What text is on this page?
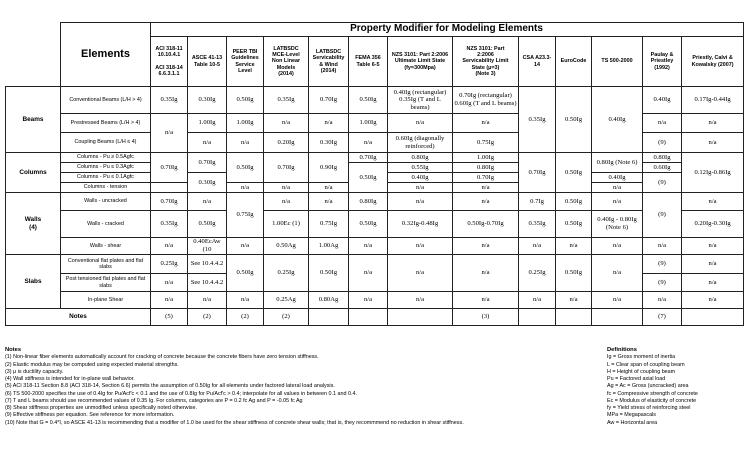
Property Modifier for Modeling Elements
	Elements													
		ACI 318-11
10.10.4.1

ACI 318-14
6.6.3.1.1	ASCE 41-13
Table 10-5	PEER TBI
Guidelines
Service
Level	LATBSDC
MCE-Level
Non Linear
Models
(2014)	LATBSDC
Servicability
& Wind
(2014)	FEMA 356
Table 6-5	NZS 3101: Part 2:2006
Ultimate Limit State
(fy=300Mpa)	NZS 3101: Part
2:2006
Servicability Limit
State (μ=3)
(Note 3)	CSA A23.3-14	EuroCode	TS 500-2000	Paulay &
Priestley
(1992)	Priestly, Calvi &
Kowalsky (2007)
Beams	Conventional Beams (L/H > 4)	0.35Ig	0.30Ig	0.50Ig	0.35Ig	0.70Ig	0.50Ig	0.40Ig (rectangular) 0.35Ig (T and L beams)	0.70Ig (rectangular) 0.60Ig (T and L beams)	0.35Ig	0.50Ig	0.40Ig	0.40Ig	0.17Ig-0.44Ig
	Prestressed Beams (L/H > 4)	n/a	1.00Ig	1.00Ig	n/a	n/a	1.00Ig	n/a	n/a				n/a	n/a
	Coupling Beams (L/H ≤ 4)		n/a	n/a	0.20Ig	0.30Ig	n/a	0.60Ig (diagonally reinforced)	0.75Ig				(9)	n/a
Columns	Columns - Pu ≥ 0.5Agfc	0.70Ig	0.70Ig	0.50Ig	0.70Ig	0.90Ig	0.70Ig	0.80Ig	1.00Ig	0.70Ig	0.50Ig	0.80Ig (Note 6)	0.80Ig	0.12Ig-0.86Ig
	Columns - Pu ≤ 0.3Agfc						0.50Ig	0.55Ig	0.80Ig				0.60Ig	
	Columns - Pu ≤ 0.1Agfc		0.30Ig					0.40Ig	0.70Ig			0.40Ig	(9)	
	Columns - tension			n/a	n/a	n/a		n/a	n/a			n/a		
Walls
(4)	Walls - uncracked	0.70Ig	n/a	0.75Ig	n/a	n/a	0.80Ig	n/a	n/a	0.7Ig	0.50Ig	n/a	(9)	n/a
	Walls - cracked	0.35Ig	0.50Ig		1.00Ec (1)	0.75Ig	0.50Ig	0.32Ig-0.48Ig	0.50Ig-0.70Ig	0.35Ig	0.50Ig	0.40Ig - 0.80Ig (Note 6)		0.20Ig-0.30Ig
	Walls - shear	n/a	0.40EcAw (10	n/a	0.50Ag	1.00Ag	n/a	n/a	n/a	n/a	n/a	n/a	n/a	n/a
Slabs	Conventional flat plates and flat slabs	0.25Ig	See 10.4.4.2	0.50Ig	0.25Ig	0.50Ig	n/a	n/a	n/a	0.25Ig	0.50Ig	n/a	(9)	n/a
	Post tensioned flat plates and flat slabs	n/a	See 10.4.4.2										(9)	n/a
	In-plane Shear	n/a	n/a	n/a	0.25Ag	0.80Ag	n/a	n/a	n/a	n/a	n/a	n/a	n/a	n/a
Notes		(5)	(2)	(2)	(2)				(3)				(7)	
Notes
(1) Non-linear fiber elements automatically account for cracking of concrete because the concrete fibers have zero tension stiffness.
(2) Elastic modulus may be computed using expected material strengths.
(3) μ is ductility capacity.
(4) Wall stiffness is intended for in-plane wall behavior.
(5) ACI 318-11 Section 8.8 (ACI 318-14, Section 6.6) permits the assumption of 0.50Ig for all elements under factored lateral load analysis.
(6) TS 500-2000 specifies the use of 0.4Ig for Pu/Acf'c < 0.1 and the use of 0.8Ig for Pu/Acf'c > 0.4; interpolate for all values in between 0.1 and 0.4.
(7) T and L beams should use recommended values of 0.35 Ig. For columns, categories are P = 0.2 fc Ag and P = -0.05 fc Ag
(8) Shear stiffness properties are unmodified unless specifically noted otherwise.
(9) Effective stiffness per equation. See reference for more information.
(10) Note that G = 0.4*I, so ASCE 41-13 is recommending that a modifier of 1.0 be used for the shear stiffness of concrete shear walls; that is, they recommmend no reduction in shear stiffness.
Definitions
Ig = Gross moment of inertia
L = Clear span of coupling beam
H = Height of coupling beam
Pu = Factored axial load
Ag = Ac = Gross (uncracked) area
fc = Compressive strength of concrete
Ec = Modulus of elasticity of concrete
fy = Yield stress of reinforcing steel
MPa = Megapascals
Aw = Horizontal area
